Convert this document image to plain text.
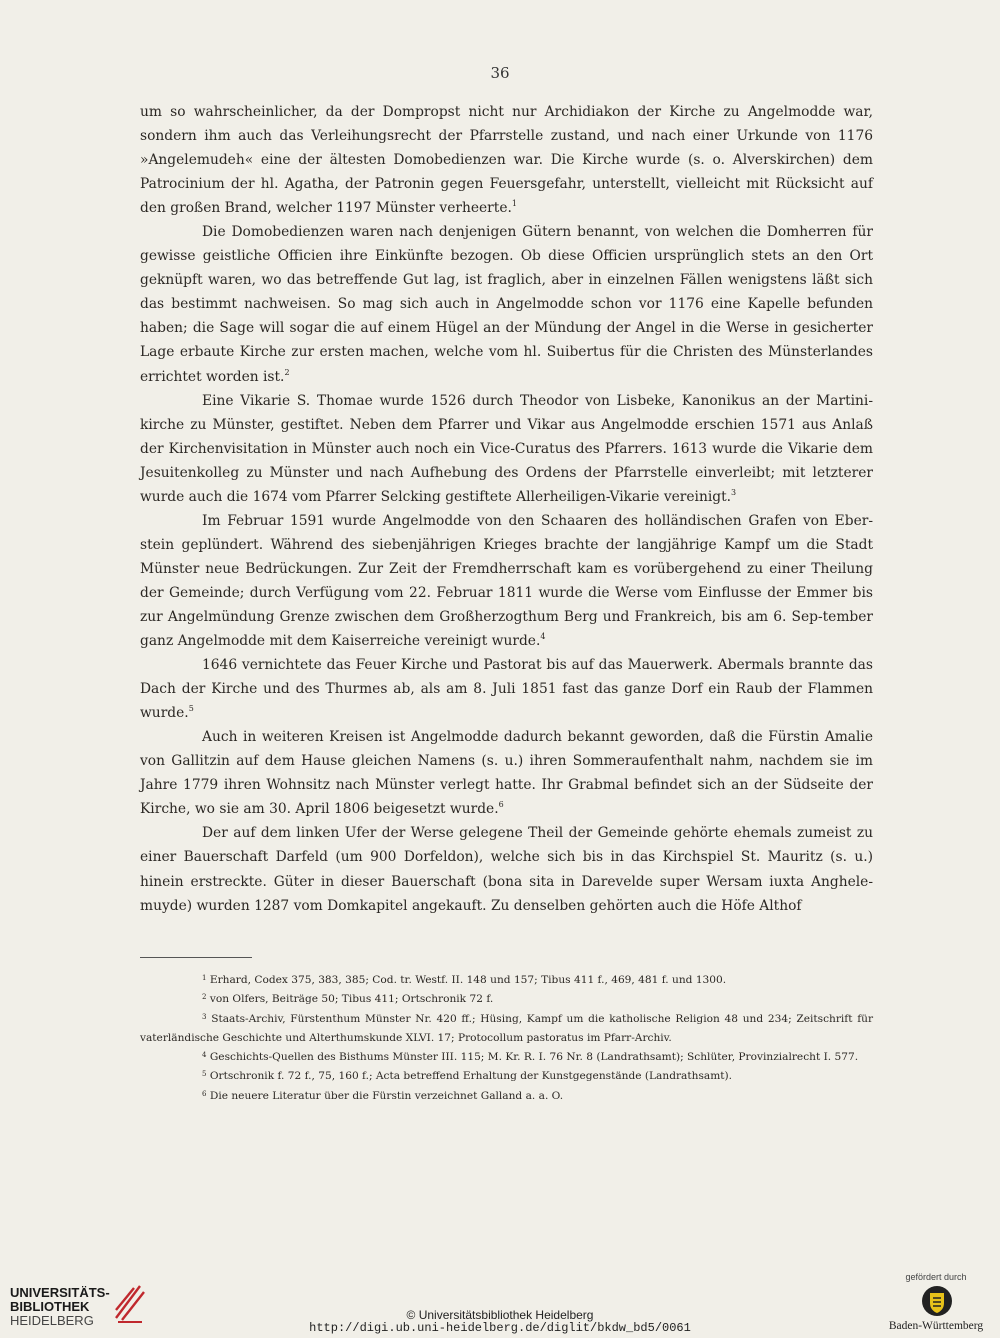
36

um so wahrscheinlicher, da der Dompropst nicht nur Archidiakon der Kirche zu Angelmodde war, sondern ihm auch das Verleihungsrecht der Pfarrstelle zustand, und nach einer Urkunde von 1176 »Angelemudeh« eine der ältesten Domobedienzen war. Die Kirche wurde (s. o. Alverskirchen) dem Patrocinium der hl. Agatha, der Patronin gegen Feuersgefahr, unterstellt, vielleicht mit Rücksicht auf den großen Brand, welcher 1197 Münster verheerte.$^1$

Die Domobedienzen waren nach denjenigen Gütern benannt, von welchen die Domherren für gewisse geistliche Officien ihre Einkünfte bezogen. Ob diese Officien ursprünglich stets an den Ort geknüpft waren, wo das betreffende Gut lag, ist fraglich, aber in einzelnen Fällen wenigstens läßt sich das bestimmt nachweisen. So mag sich auch in Angelmodde schon vor 1176 eine Kapelle befunden haben; die Sage will sogar die auf einem Hügel an der Mündung der Angel in die Werse in gesicherter Lage erbaute Kirche zur ersten machen, welche vom hl. Suibertus für die Christen des Münsterlandes errichtet worden ist.$^2$

Eine Vikarie S. Thomae wurde 1526 durch Theodor von Lisbeke, Kanonikus an der Martini-kirche zu Münster, gestiftet. Neben dem Pfarrer und Vikar aus Angelmodde erschien 1571 aus Anlaß der Kirchenvisitation in Münster auch noch ein Vice-Curatus des Pfarrers. 1613 wurde die Vikarie dem Jesuitenkolleg zu Münster und nach Aufhebung des Ordens der Pfarrstelle einverleibt; mit letzterer wurde auch die 1674 vom Pfarrer Selcking gestiftete Allerheiligen-Vikarie vereinigt.$^3$

Im Februar 1591 wurde Angelmodde von den Schaaren des holländischen Grafen von Eber-stein geplündert. Während des siebenjährigen Krieges brachte der langjährige Kampf um die Stadt Münster neue Bedrückungen. Zur Zeit der Fremdherrschaft kam es vorübergehend zu einer Theilung der Gemeinde; durch Verfügung vom 22. Februar 1811 wurde die Werse vom Einflusse der Emmer bis zur Angelmündung Grenze zwischen dem Großherzogthum Berg und Frankreich, bis am 6. Sep-tember ganz Angelmodde mit dem Kaiserreiche vereinigt wurde.$^4$

1646 vernichtete das Feuer Kirche und Pastorat bis auf das Mauerwerk. Abermals brannte das Dach der Kirche und des Thurmes ab, als am 8. Juli 1851 fast das ganze Dorf ein Raub der Flammen wurde.$^5$

Auch in weiteren Kreisen ist Angelmodde dadurch bekannt geworden, daß die Fürstin Amalie von Gallitzin auf dem Hause gleichen Namens (s. u.) ihren Sommeraufenthalt nahm, nachdem sie im Jahre 1779 ihren Wohnsitz nach Münster verlegt hatte. Ihr Grabmal befindet sich an der Südseite der Kirche, wo sie am 30. April 1806 beigesetzt wurde.$^6$

Der auf dem linken Ufer der Werse gelegene Theil der Gemeinde gehörte ehemals zumeist zu einer Bauerschaft Darfeld (um 900 Dorfeldon), welche sich bis in das Kirchspiel St. Mauritz (s. u.) hinein erstreckte. Güter in dieser Bauerschaft (bona sita in Darevelde super Wersam iuxta Anghele-muyde) wurden 1287 vom Domkapitel angekauft. Zu denselben gehörten auch die Höfe Althof

$^1$ Erhard, Codex 375, 383, 385; Cod. tr. Westf. II. 148 und 157; Tibus 411 f., 469, 481 f. und 1300.

$^2$ von Olfers, Beiträge 50; Tibus 411; Ortschronik 72 f.

$^3$ Staats-Archiv, Fürstenthum Münster Nr. 420 ff.; Hüsing, Kampf um die katholische Religion 48 und 234; Zeitschrift für vaterländische Geschichte und Alterthumskunde XLVI. 17; Protocollum pastoratus im Pfarr-Archiv.

$^4$ Geschichts-Quellen des Bisthums Münster III. 115; M. Kr. R. I. 76 Nr. 8 (Landrathsamt); Schlüter, Provinzialrecht I. 577.

$^5$ Ortschronik f. 72 f., 75, 160 f.; Acta betreffend Erhaltung der Kunstgegenstände (Landrathsamt).

$^6$ Die neuere Literatur über die Fürstin verzeichnet Galland a. a. O.

UNIVERSITÄTS-
BIBLIOTHEK
HEIDELBERG	© Universitätsbibliothek Heidelberg
http://digi.ub.uni-heidelberg.de/diglit/bkdw_bd5/0061
gefördert durch
Baden-Württemberg
